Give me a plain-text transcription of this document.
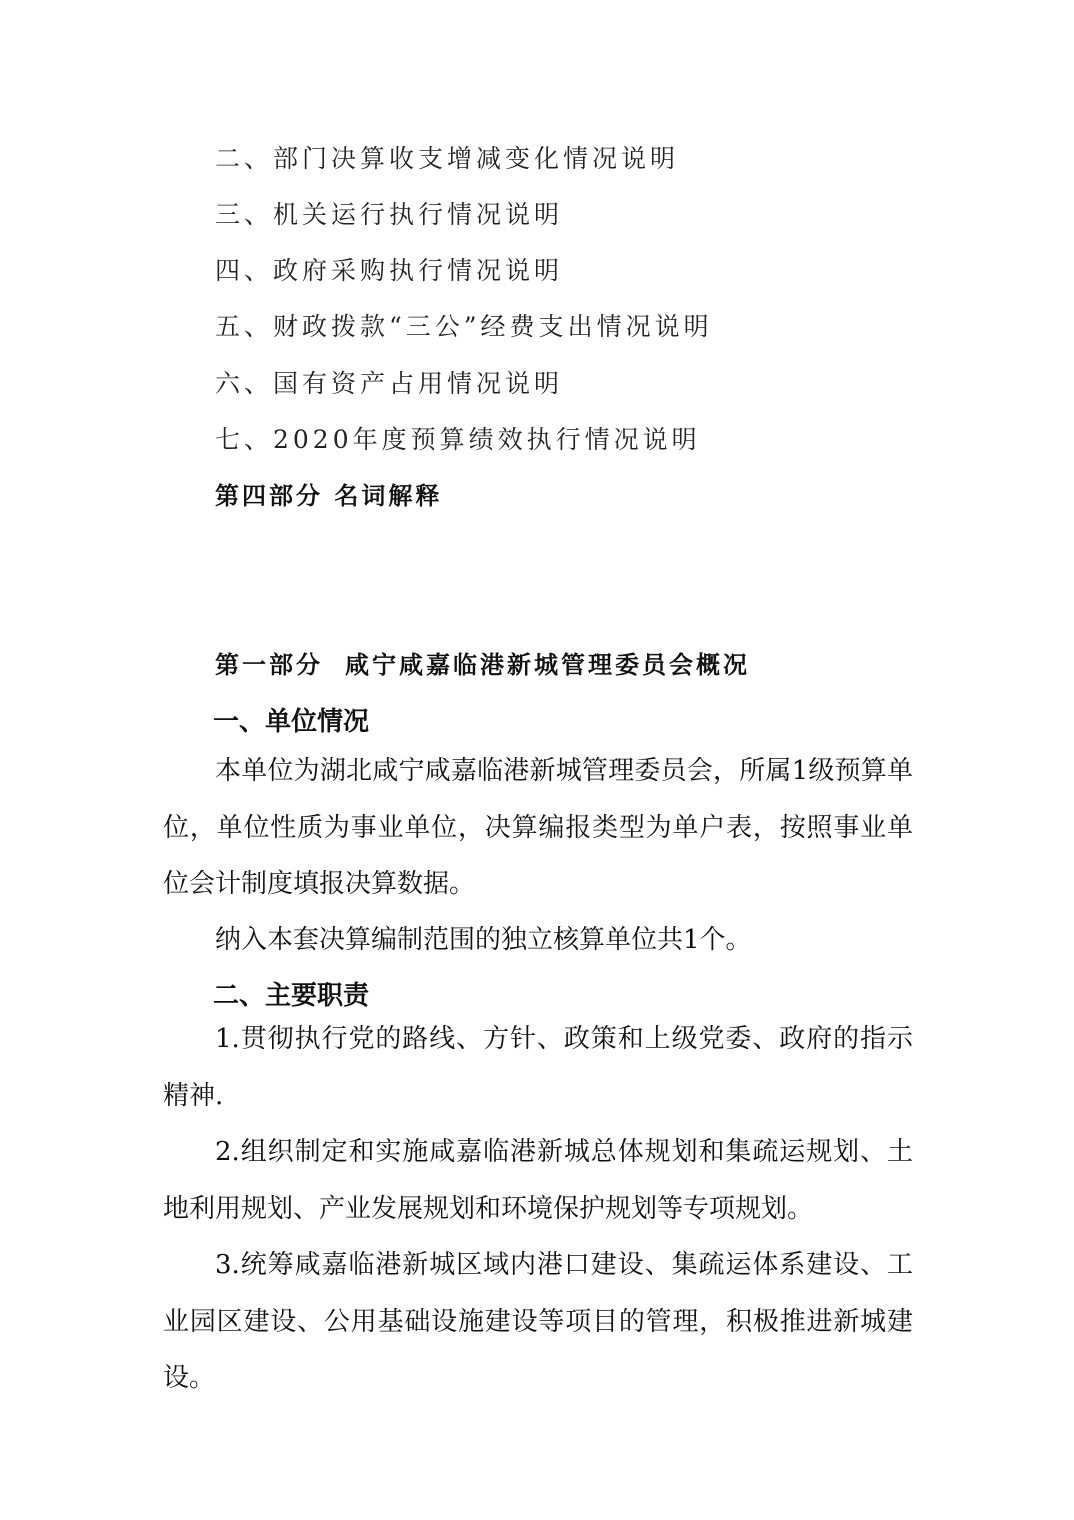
二、部门决算收支增减变化情况说明
三、机关运行执行情况说明
四、政府采购执行情况说明
五、财政拨款“三公”经费支出情况说明
六、国有资产占用情况说明
七、2020年度预算绩效执行情况说明
第四部分 名词解释
第一部分 咸宁咸嘉临港新城管理委员会概况
一、单位情况

本单位为湖北咸宁咸嘉临港新城管理委员会，所属1级预算单位，单位性质为事业单位，决算编报类型为单户表，按照事业单位会计制度填报决算数据。

纳入本套决算编制范围的独立核算单位共1个。

二、主要职责

1.贯彻执行党的路线、方针、政策和上级党委、政府的指示精神.

2.组织制定和实施咸嘉临港新城总体规划和集疏运规划、土地利用规划、产业发展规划和环境保护规划等专项规划。

3.统筹咸嘉临港新城区域内港口建设、集疏运体系建设、工业园区建设、公用基础设施建设等项目的管理，积极推进新城建设。
